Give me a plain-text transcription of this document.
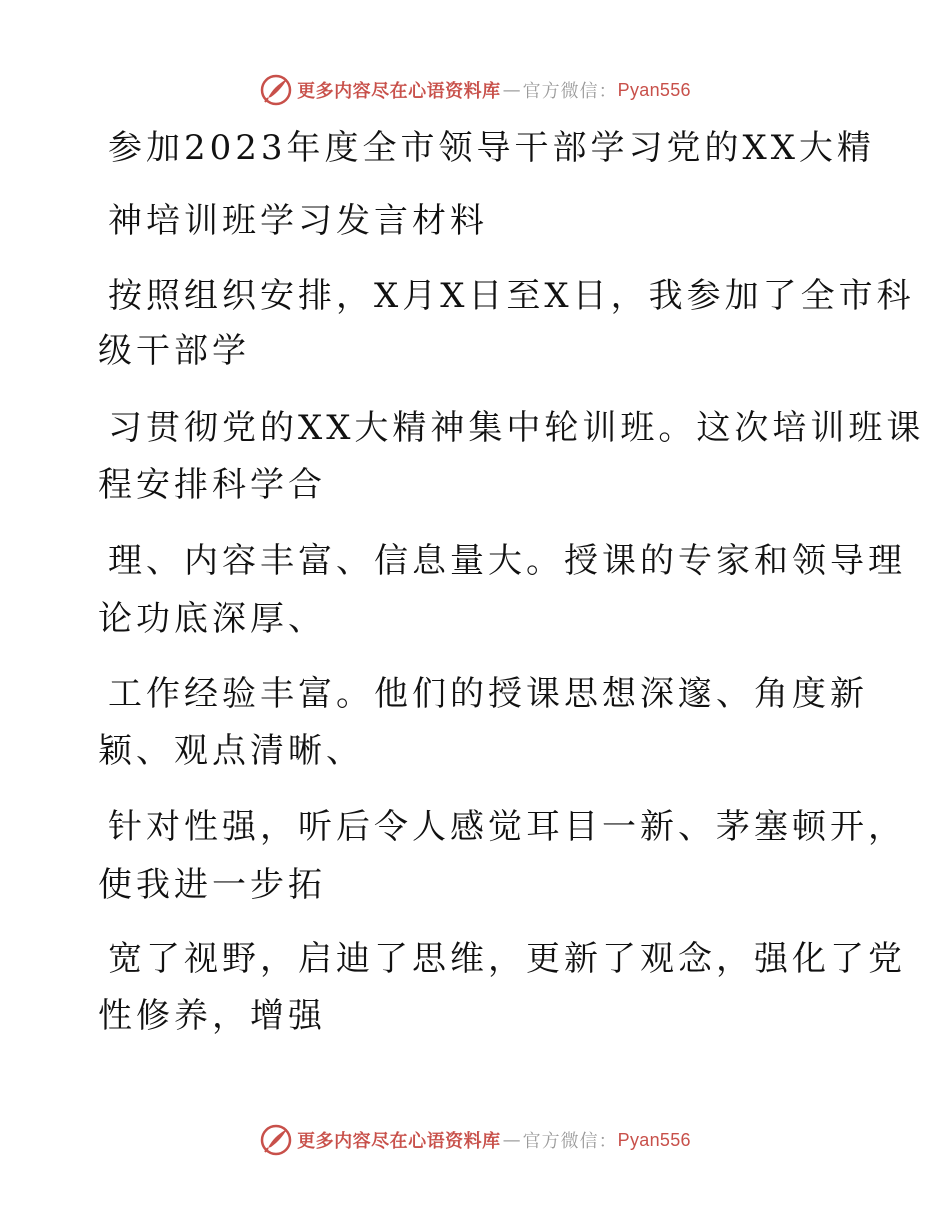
更多内容尽在心语资料库 — 官方微信： Pyan556
参加2023年度全市领导干部学习党的XX大精
神培训班学习发言材料
按照组织安排，X月X日至X日，我参加了全市科
级干部学
习贯彻党的XX大精神集中轮训班。这次培训班课
程安排科学合
理、内容丰富、信息量大。授课的专家和领导理
论功底深厚、
工作经验丰富。他们的授课思想深邃、角度新
颖、观点清晰、
针对性强，听后令人感觉耳目一新、茅塞顿开，
使我进一步拓
宽了视野，启迪了思维，更新了观念，强化了党
性修养，增强
更多内容尽在心语资料库 — 官方微信： Pyan556
